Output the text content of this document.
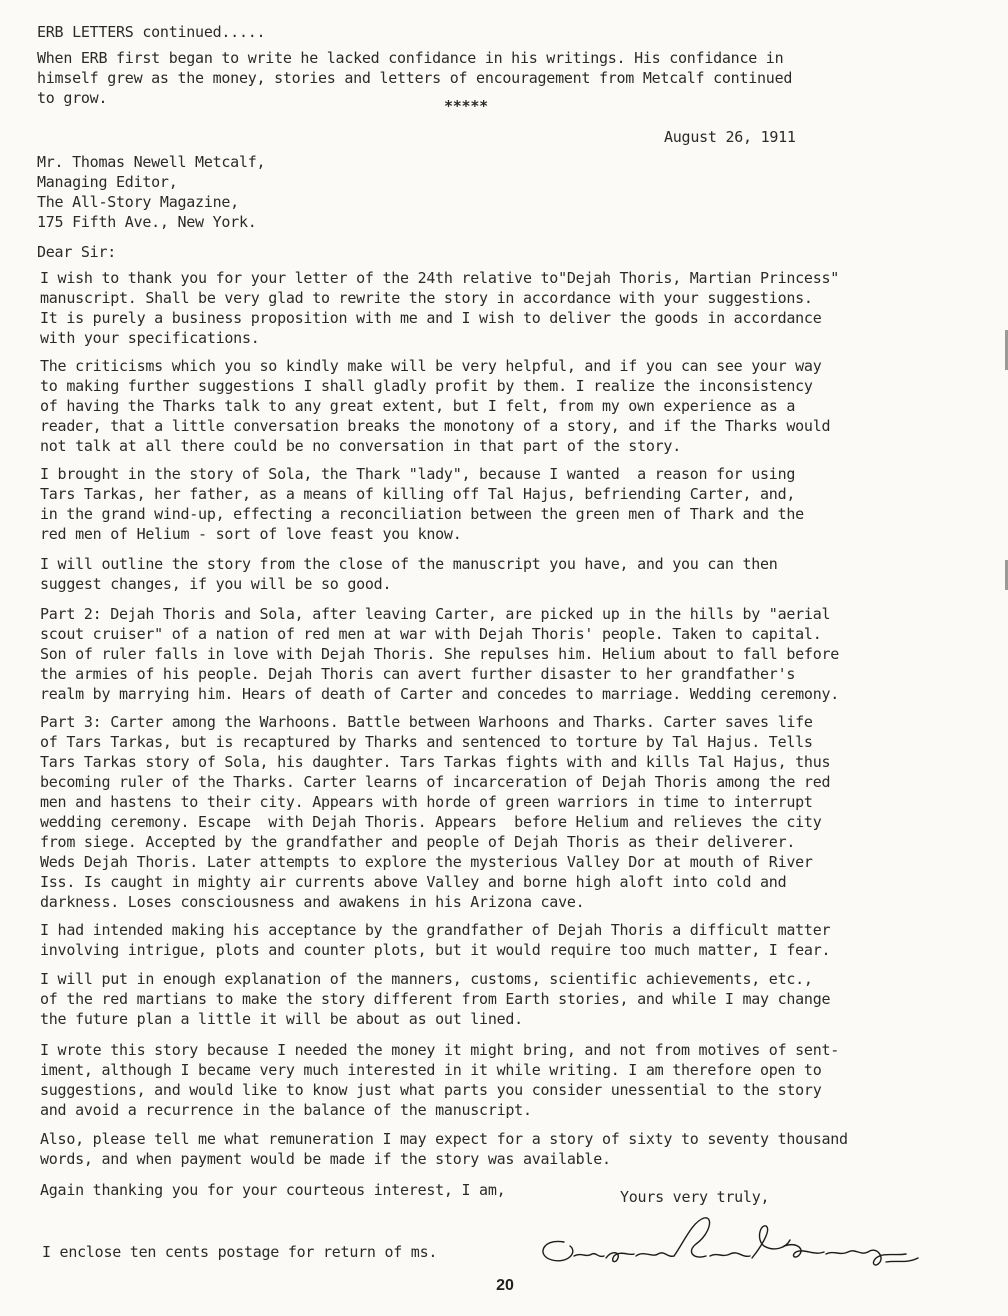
ERB LETTERS continued.....
When ERB first began to write he lacked confidance in his writings. His confidance in
himself grew as the money, stories and letters of encouragement from Metcalf continued
to grow.	*****
August 26, 1911
Mr. Thomas Newell Metcalf,
Managing Editor,
The All-Story Magazine,
175 Fifth Ave., New York.
Dear Sir:
I wish to thank you for your letter of the 24th relative to"Dejah Thoris, Martian Princess"
manuscript. Shall be very glad to rewrite the story in accordance with your suggestions.
It is purely a business proposition with me and I wish to deliver the goods in accordance
with your specifications.
The criticisms which you so kindly make will be very helpful, and if you can see your way
to making further suggestions I shall gladly profit by them. I realize the inconsistency
of having the Tharks talk to any great extent, but I felt, from my own experience as a
reader, that a little conversation breaks the monotony of a story, and if the Tharks would
not talk at all there could be no conversation in that part of the story.
I brought in the story of Sola, the Thark "lady", because I wanted  a reason for using
Tars Tarkas, her father, as a means of killing off Tal Hajus, befriending Carter, and,
in the grand wind-up, effecting a reconciliation between the green men of Thark and the
red men of Helium - sort of love feast you know.
I will outline the story from the close of the manuscript you have, and you can then
suggest changes, if you will be so good.
Part 2: Dejah Thoris and Sola, after leaving Carter, are picked up in the hills by "aerial
scout cruiser" of a nation of red men at war with Dejah Thoris' people. Taken to capital.
Son of ruler falls in love with Dejah Thoris. She repulses him. Helium about to fall before
the armies of his people. Dejah Thoris can avert further disaster to her grandfather's
realm by marrying him. Hears of death of Carter and concedes to marriage. Wedding ceremony.
Part 3: Carter among the Warhoons. Battle between Warhoons and Tharks. Carter saves life
of Tars Tarkas, but is recaptured by Tharks and sentenced to torture by Tal Hajus. Tells
Tars Tarkas story of Sola, his daughter. Tars Tarkas fights with and kills Tal Hajus, thus
becoming ruler of the Tharks. Carter learns of incarceration of Dejah Thoris among the red
men and hastens to their city. Appears with horde of green warriors in time to interrupt
wedding ceremony. Escape  with Dejah Thoris. Appears  before Helium and relieves the city
from siege. Accepted by the grandfather and people of Dejah Thoris as their deliverer.
Weds Dejah Thoris. Later attempts to explore the mysterious Valley Dor at mouth of River
Iss. Is caught in mighty air currents above Valley and borne high aloft into cold and
darkness. Loses consciousness and awakens in his Arizona cave.
I had intended making his acceptance by the grandfather of Dejah Thoris a difficult matter
involving intrigue, plots and counter plots, but it would require too much matter, I fear.
I will put in enough explanation of the manners, customs, scientific achievements, etc.,
of the red martians to make the story different from Earth stories, and while I may change
the future plan a little it will be about as out lined.
I wrote this story because I needed the money it might bring, and not from motives of sent-
iment, although I became very much interested in it while writing. I am therefore open to
suggestions, and would like to know just what parts you consider unessential to the story
and avoid a recurrence in the balance of the manuscript.
Also, please tell me what remuneration I may expect for a story of sixty to seventy thousand
words, and when payment would be made if the story was available.
Again thanking you for your courteous interest, I am,	Yours very truly,
I enclose ten cents postage for return of ms.
20
